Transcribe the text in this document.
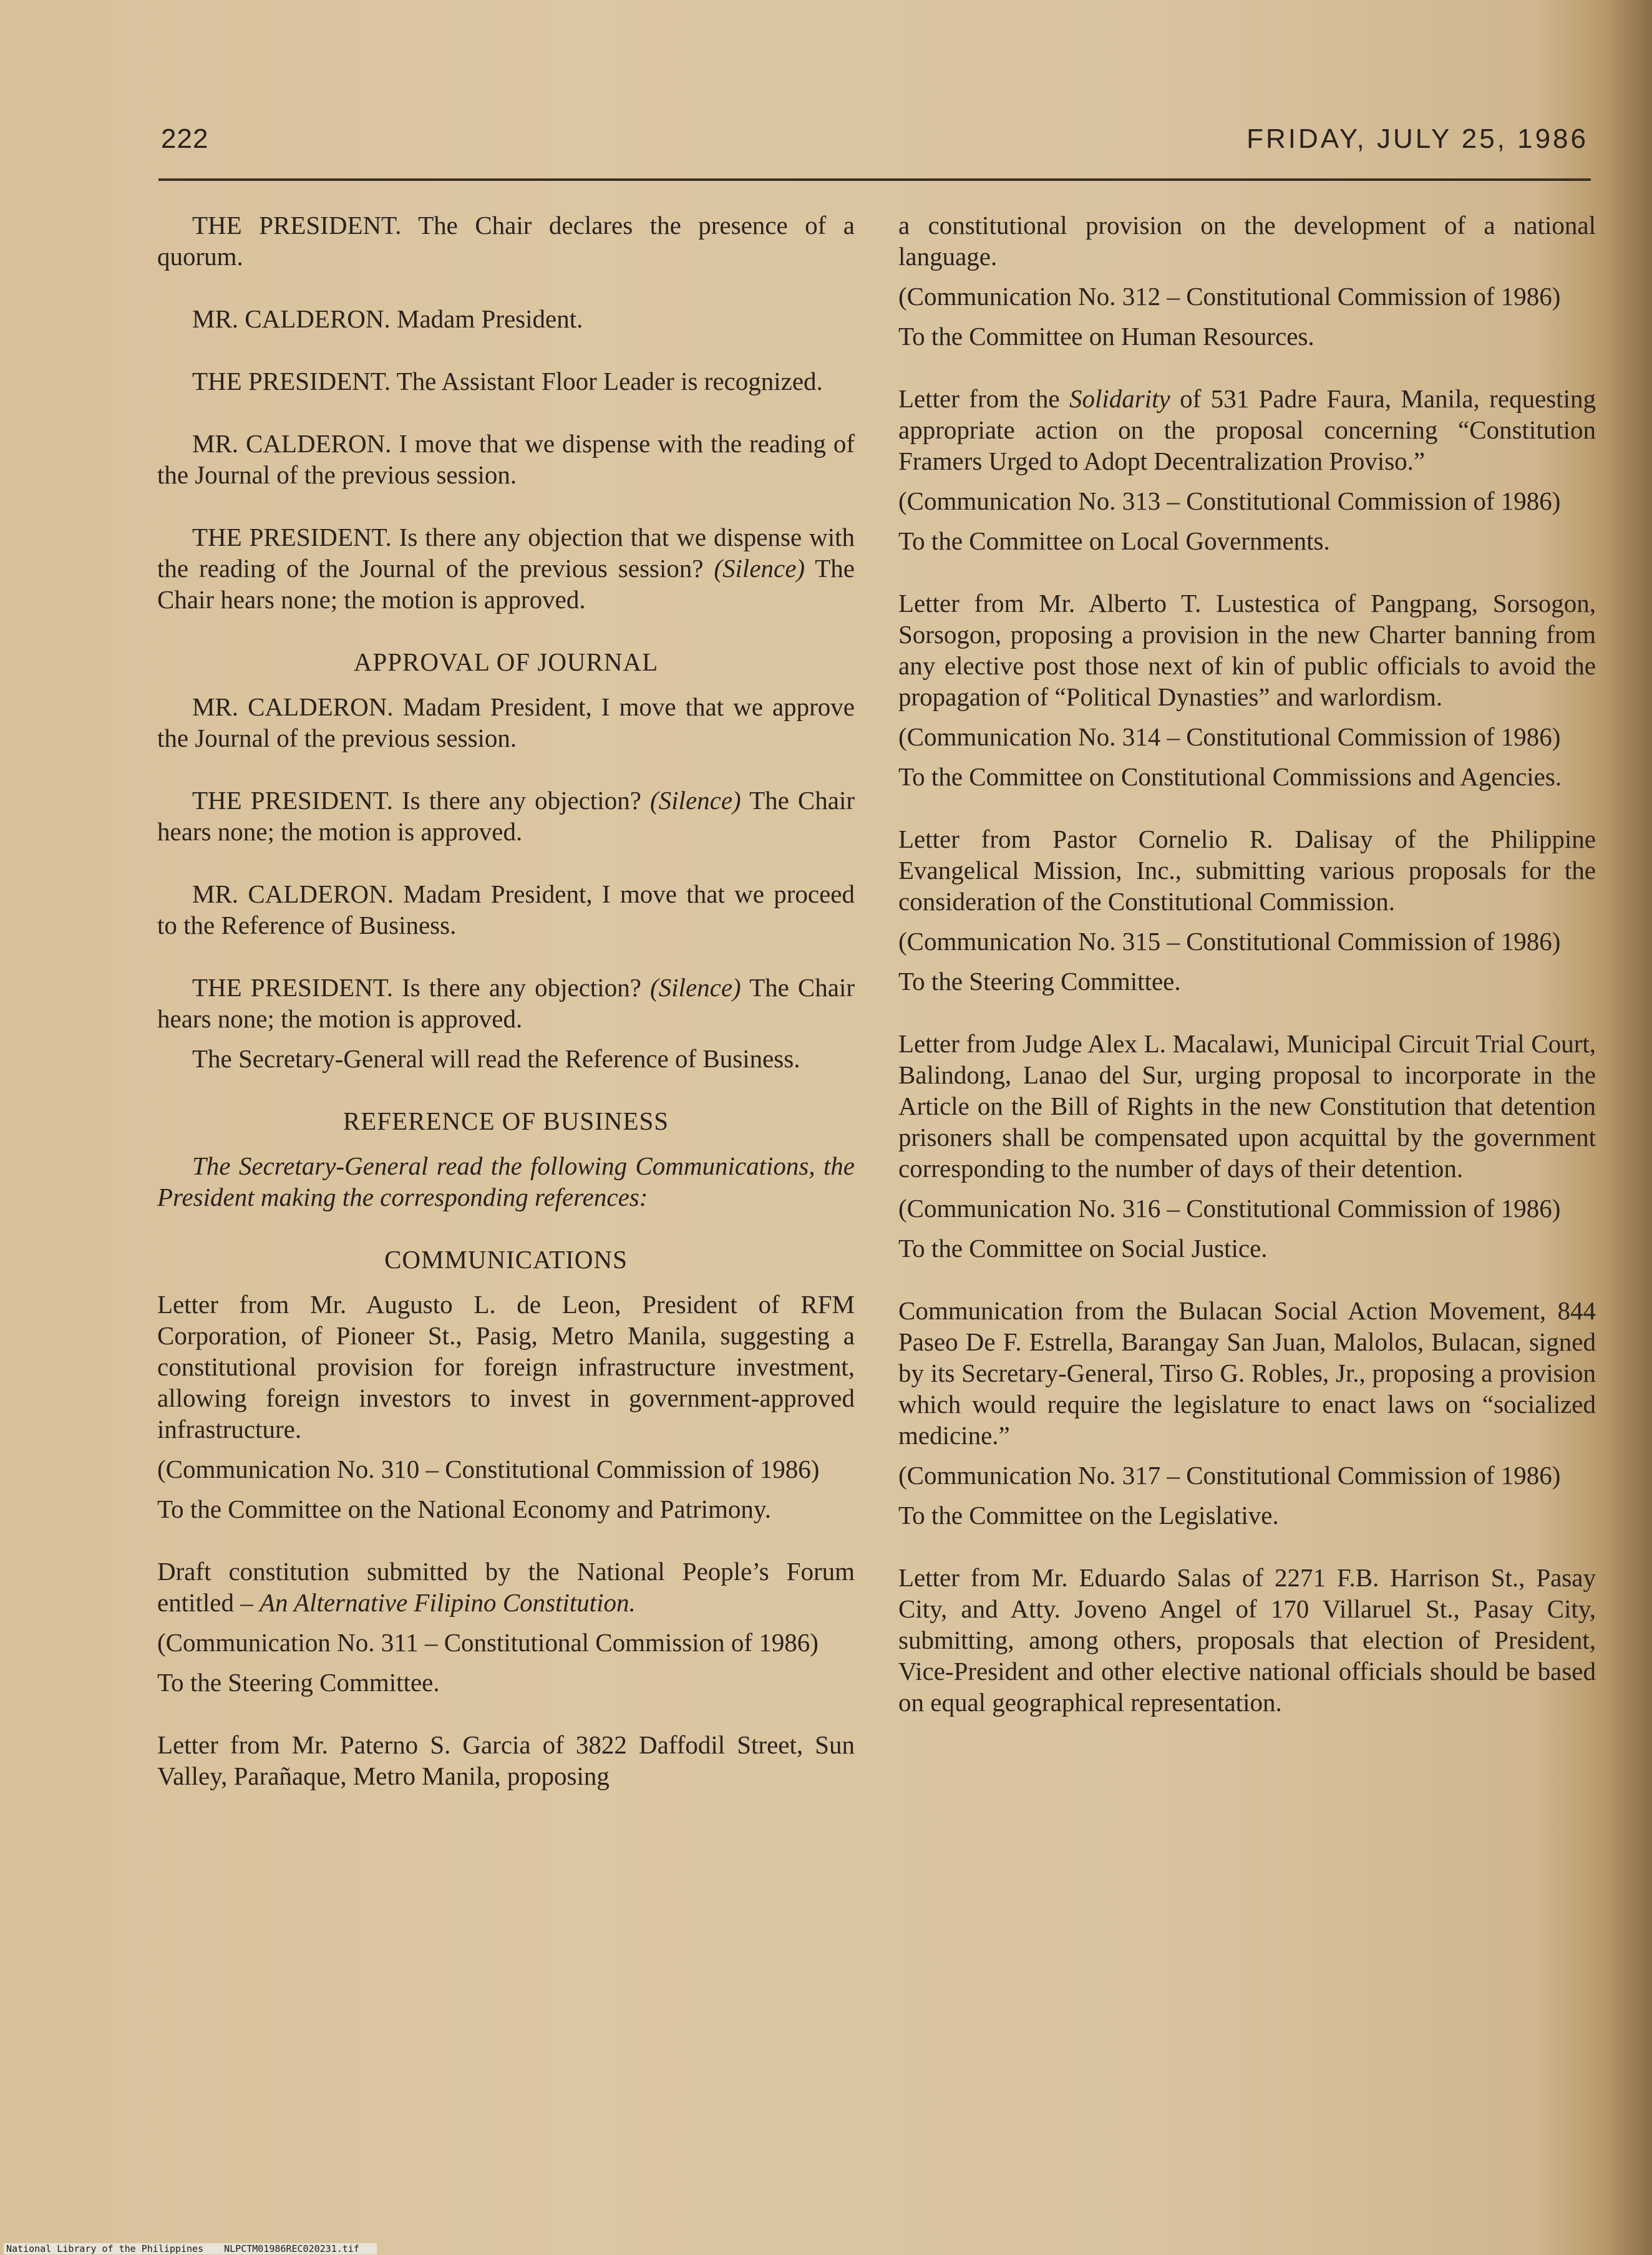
222	FRIDAY, JULY 25, 1986

THE PRESIDENT. The Chair declares the presence of a quorum.

MR. CALDERON. Madam President.

THE PRESIDENT. The Assistant Floor Leader is recognized.

MR. CALDERON. I move that we dispense with the reading of the Journal of the previous session.

THE PRESIDENT. Is there any objection that we dispense with the reading of the Journal of the previous session? (Silence) The Chair hears none; the motion is approved.

APPROVAL OF JOURNAL

MR. CALDERON. Madam President, I move that we approve the Journal of the previous session.

THE PRESIDENT. Is there any objection? (Silence) The Chair hears none; the motion is approved.

MR. CALDERON. Madam President, I move that we proceed to the Reference of Business.

THE PRESIDENT. Is there any objection? (Silence) The Chair hears none; the motion is approved.

The Secretary-General will read the Reference of Business.

REFERENCE OF BUSINESS

The Secretary-General read the following Communications, the President making the corresponding references:

COMMUNICATIONS

Letter from Mr. Augusto L. de Leon, President of RFM Corporation, of Pioneer St., Pasig, Metro Manila, suggesting a constitutional provision for foreign infrastructure investment, allowing foreign investors to invest in government-approved infrastructure.

(Communication No. 310 – Constitutional Commission of 1986)

To the Committee on the National Economy and Patrimony.

Draft constitution submitted by the National People’s Forum entitled – An Alternative Filipino Constitution.

(Communication No. 311 – Constitutional Commission of 1986)

To the Steering Committee.

Letter from Mr. Paterno S. Garcia of 3822 Daffodil Street, Sun Valley, Parañaque, Metro Manila, proposing

a constitutional provision on the development of a national language.

(Communication No. 312 – Constitutional Commission of 1986)

To the Committee on Human Resources.

Letter from the Solidarity of 531 Padre Faura, Manila, requesting appropriate action on the proposal concerning “Constitution Framers Urged to Adopt Decentralization Proviso.”

(Communication No. 313 – Constitutional Commission of 1986)

To the Committee on Local Governments.

Letter from Mr. Alberto T. Lustestica of Pangpang, Sorsogon, Sorsogon, proposing a provision in the new Charter banning from any elective post those next of kin of public officials to avoid the propagation of “Political Dynasties” and warlordism.

(Communication No. 314 – Constitutional Commission of 1986)

To the Committee on Constitutional Commissions and Agencies.

Letter from Pastor Cornelio R. Dalisay of the Philippine Evangelical Mission, Inc., submitting various proposals for the consideration of the Constitutional Commission.

(Communication No. 315 – Constitutional Commission of 1986)

To the Steering Committee.

Letter from Judge Alex L. Macalawi, Municipal Circuit Trial Court, Balindong, Lanao del Sur, urging proposal to incorporate in the Article on the Bill of Rights in the new Constitution that detention prisoners shall be compensated upon acquittal by the government corresponding to the number of days of their detention.

(Communication No. 316 – Constitutional Commission of 1986)

To the Committee on Social Justice.

Communication from the Bulacan Social Action Movement, 844 Paseo De F. Estrella, Barangay San Juan, Malolos, Bulacan, signed by its Secretary-General, Tirso G. Robles, Jr., proposing a provision which would require the legislature to enact laws on “socialized medicine.”

(Communication No. 317 – Constitutional Commission of 1986)

To the Committee on the Legislative.

Letter from Mr. Eduardo Salas of 2271 F.B. Harrison St., Pasay City, and Atty. Joveno Angel of 170 Villaruel St., Pasay City, submitting, among others, proposals that election of President, Vice-President and other elective national officials should be based on equal geographical representation.

National Library of the Philippines NLPCTM01986REC020231.tif
